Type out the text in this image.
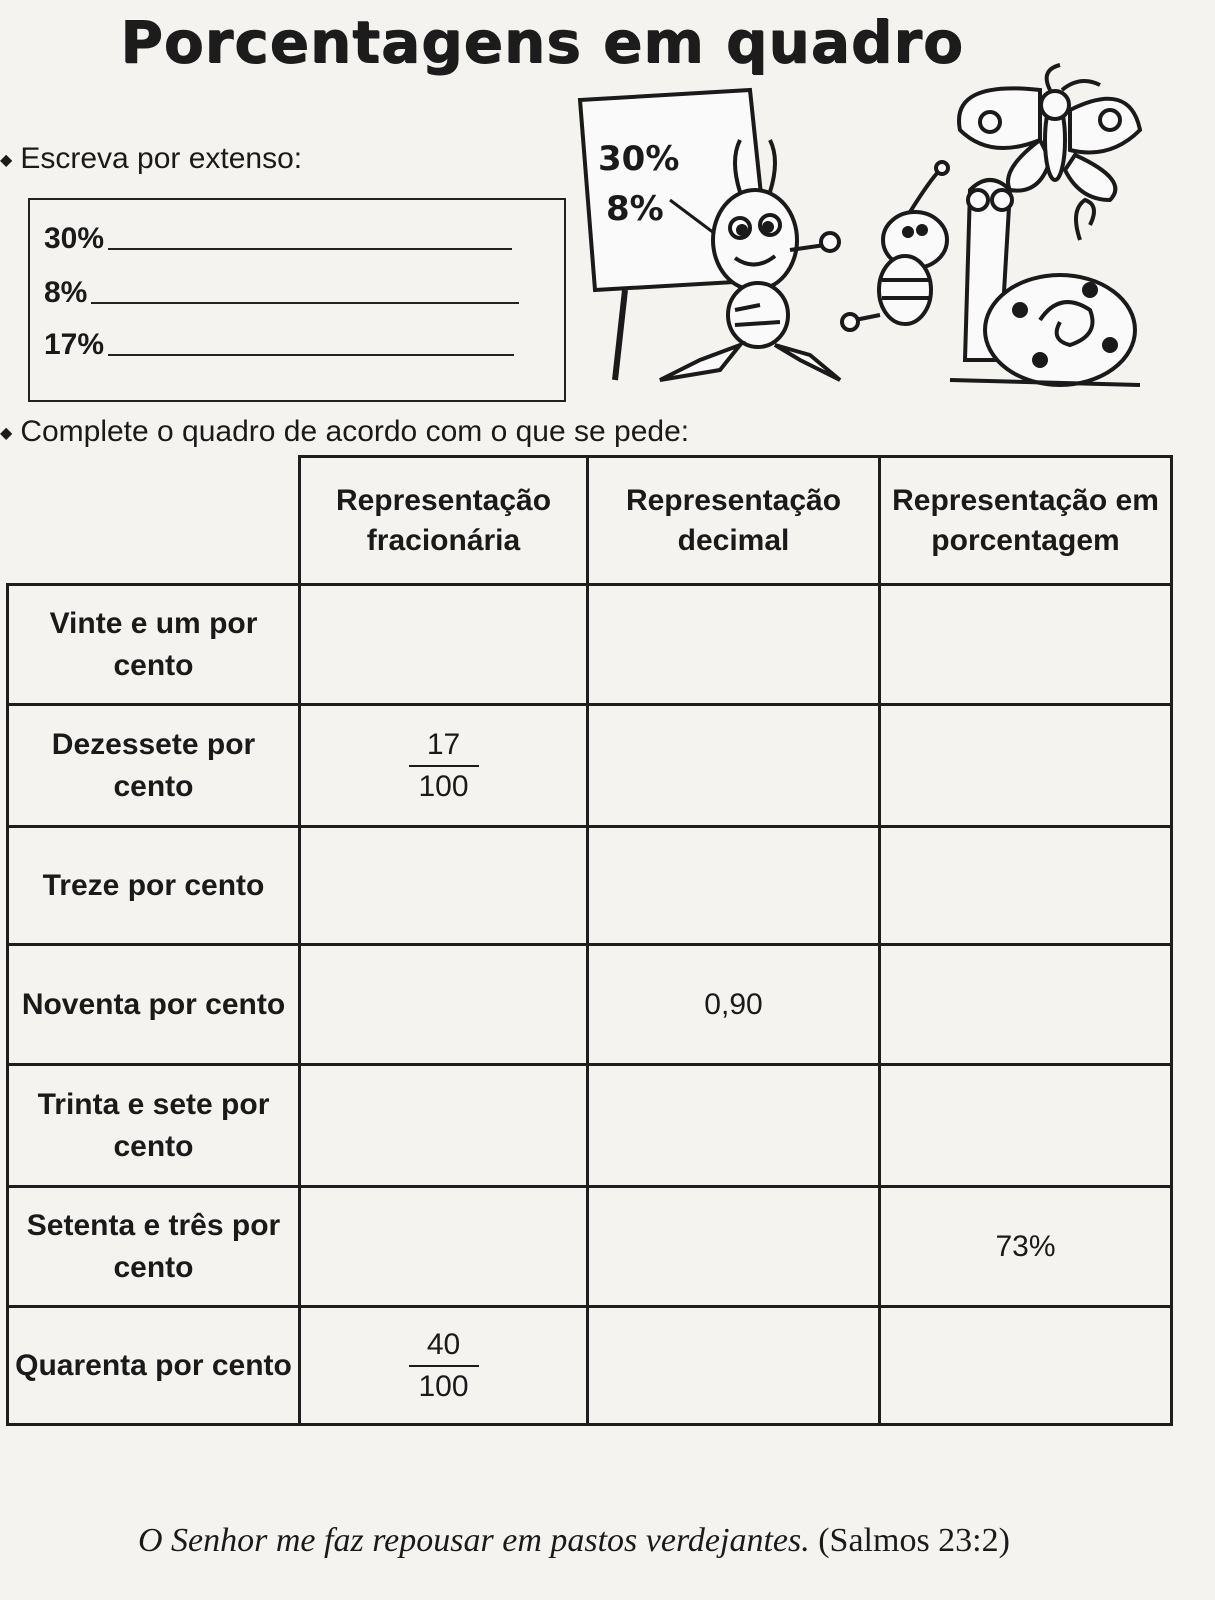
Porcentagens em quadro
◆ Escreva por extenso:
30%
8%
17%
30%
8%
◆ Complete o quadro de acordo com o que se pede:
	Representação fracionária	Representação decimal	Representação em porcentagem
Vinte e um por cento			
Dezessete por cento	$\frac{17}{100}$

Treze por cento			
Noventa por cento		0,90	
Trinta e sete por cento			
Setenta e três por cento			73%
Quarenta por cento	$\frac{40}{100}$

O Senhor me faz repousar em pastos verdejantes. (Salmos 23:2)
